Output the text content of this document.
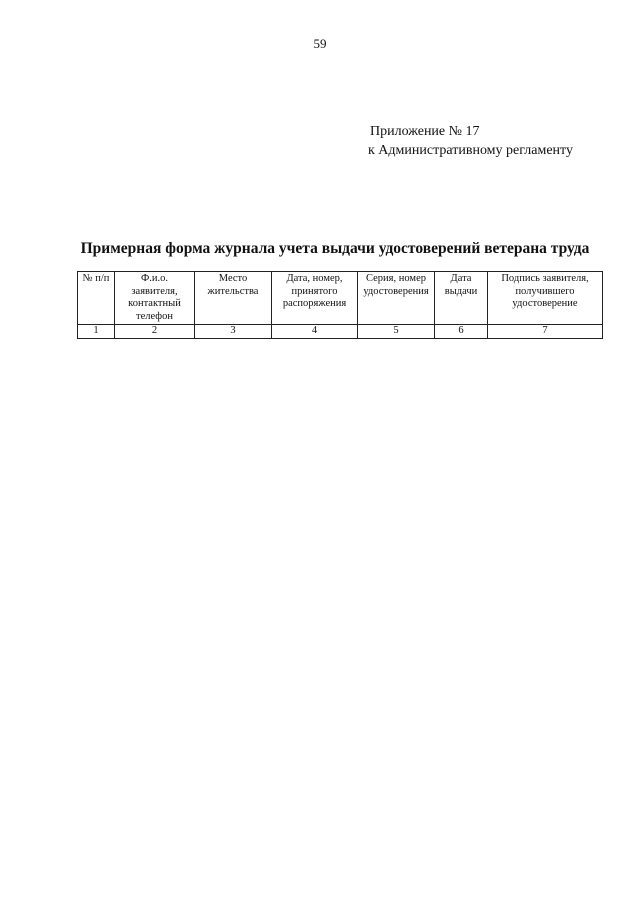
59
Приложение № 17
к Административному регламенту
Примерная форма журнала учета выдачи удостоверений ветерана труда
№ п/п	Ф.и.о. заявителя, контактный телефон	Место жительства	Дата, номер, принятого распоряжения	Серия, номер удостоверения	Дата выдачи	Подпись заявителя, получившего удостоверение
1	2	3	4	5	6	7
